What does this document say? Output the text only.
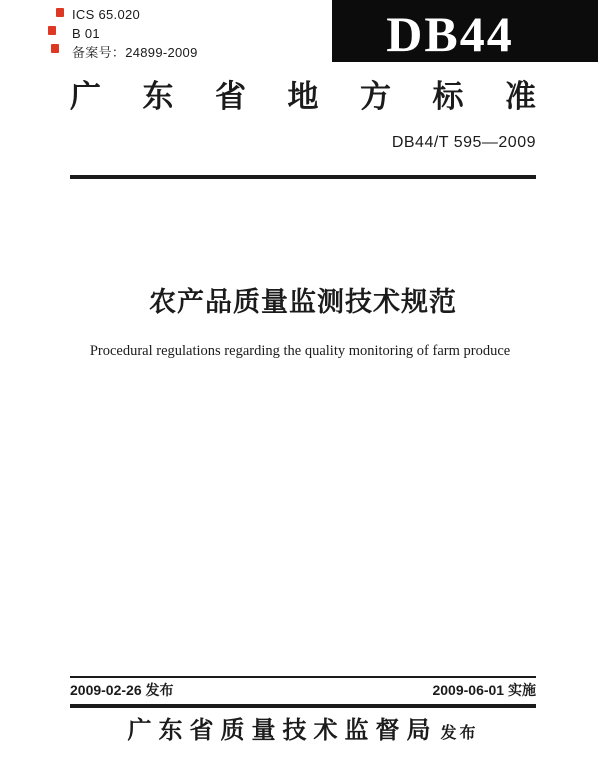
ICS 65.020
B 01
备案号：24899-2009	DB44
广 东 省 地 方 标 准
DB44/T 595—2009
农产品质量监测技术规范
Procedural regulations regarding the quality monitoring of farm produce
2009-02-26 发布	2009-06-01 实施
广东省质量技术监督局 发布
